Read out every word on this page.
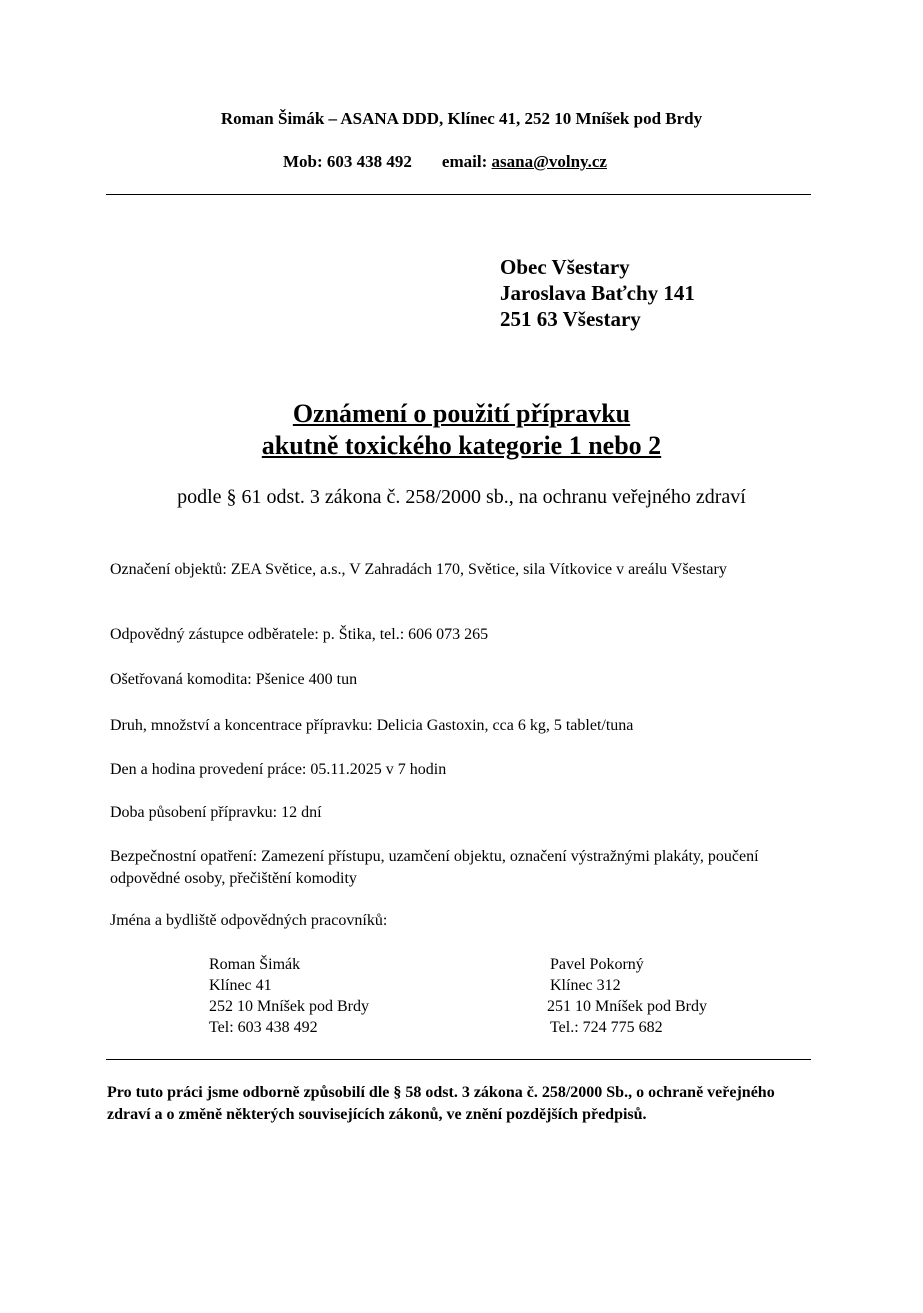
Roman Šimák – ASANA DDD, Klínec 41, 252 10 Mníšek pod Brdy
Mob: 603 438 492 email: asana@volny.cz
Obec Všestary
Jaroslava Baťchy 141
251 63 Všestary
Oznámení o použití přípravku
akutně toxického kategorie 1 nebo 2
podle § 61 odst. 3 zákona č. 258/2000 sb., na ochranu veřejného zdraví
Označení objektů: ZEA Světice, a.s., V Zahradách 170, Světice, sila Vítkovice v areálu Všestary
Odpovědný zástupce odběratele: p. Štika, tel.: 606 073 265
Ošetřovaná komodita: Pšenice 400 tun
Druh, množství a koncentrace přípravku: Delicia Gastoxin, cca 6 kg, 5 tablet/tuna
Den a hodina provedení práce: 05.11.2025 v 7 hodin
Doba působení přípravku: 12 dní
Bezpečnostní opatření: Zamezení přístupu, uzamčení objektu, označení výstražnými plakáty, poučení odpovědné osoby, přečištění komodity
Jména a bydliště odpovědných pracovníků:
Roman Šimák
Klínec 41
252 10 Mníšek pod Brdy
Tel: 603 438 492
Pavel Pokorný
Klínec 312
251 10 Mníšek pod Brdy
Tel.: 724 775 682
Pro tuto práci jsme odborně způsobilí dle § 58 odst. 3 zákona č. 258/2000 Sb., o ochraně veřejného zdraví a o změně některých souvisejících zákonů, ve znění pozdějších předpisů.
